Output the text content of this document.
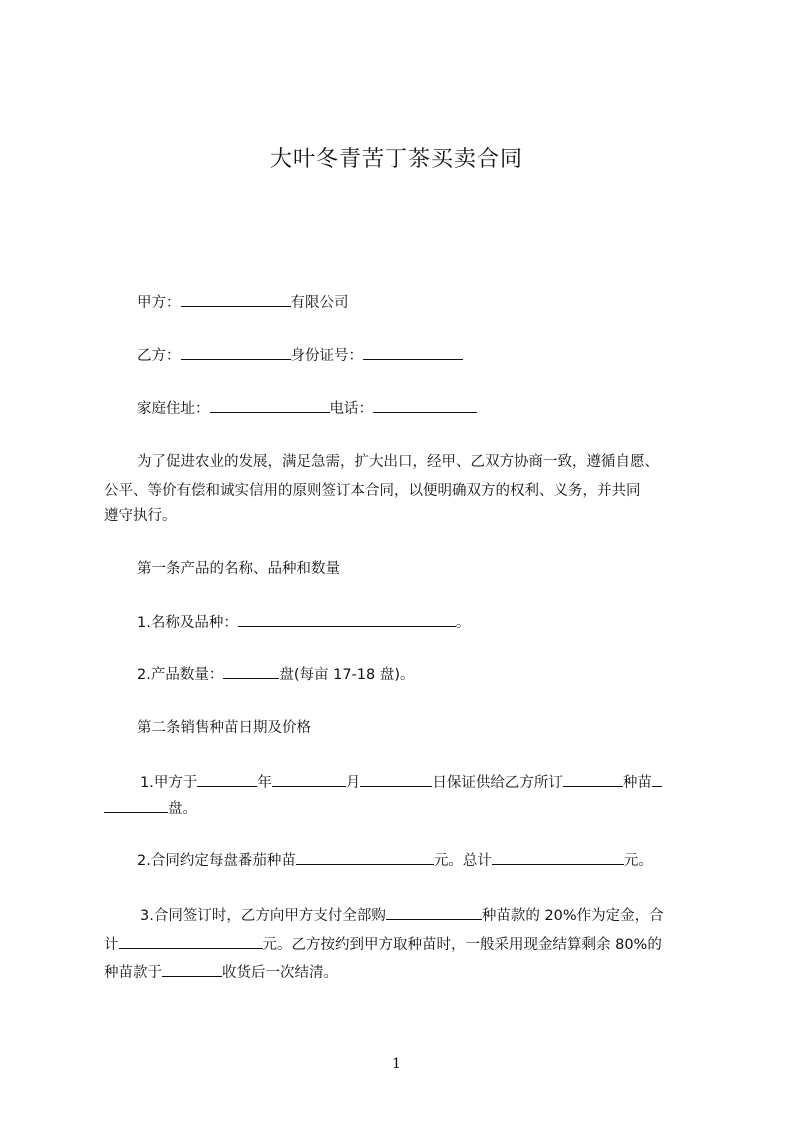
大叶冬青苦丁茶买卖合同
甲方：	有限公司
乙方：	身份证号：
家庭住址：	电话：
为了促进农业的发展，满足急需，扩大出口，经甲、乙双方协商一致，遵循自愿、
公平、等价有偿和诚实信用的原则签订本合同，以便明确双方的权利、义务，并共同
遵守执行。
第一条产品的名称、品种和数量
1.名称及品种：	。
2.产品数量：	盘(每亩 17-18 盘)。
第二条销售种苗日期及价格
1.甲方于	年	月	日保证供给乙方所订	种苗
盘。
2.合同约定每盘番茄种苗	元。总计	元。
3.合同签订时，乙方向甲方支付全部购	种苗款的 20%作为定金，合
计	元。乙方按约到甲方取种苗时，一般采用现金结算剩余 80%的
种苗款于	收货后一次结清。
1
